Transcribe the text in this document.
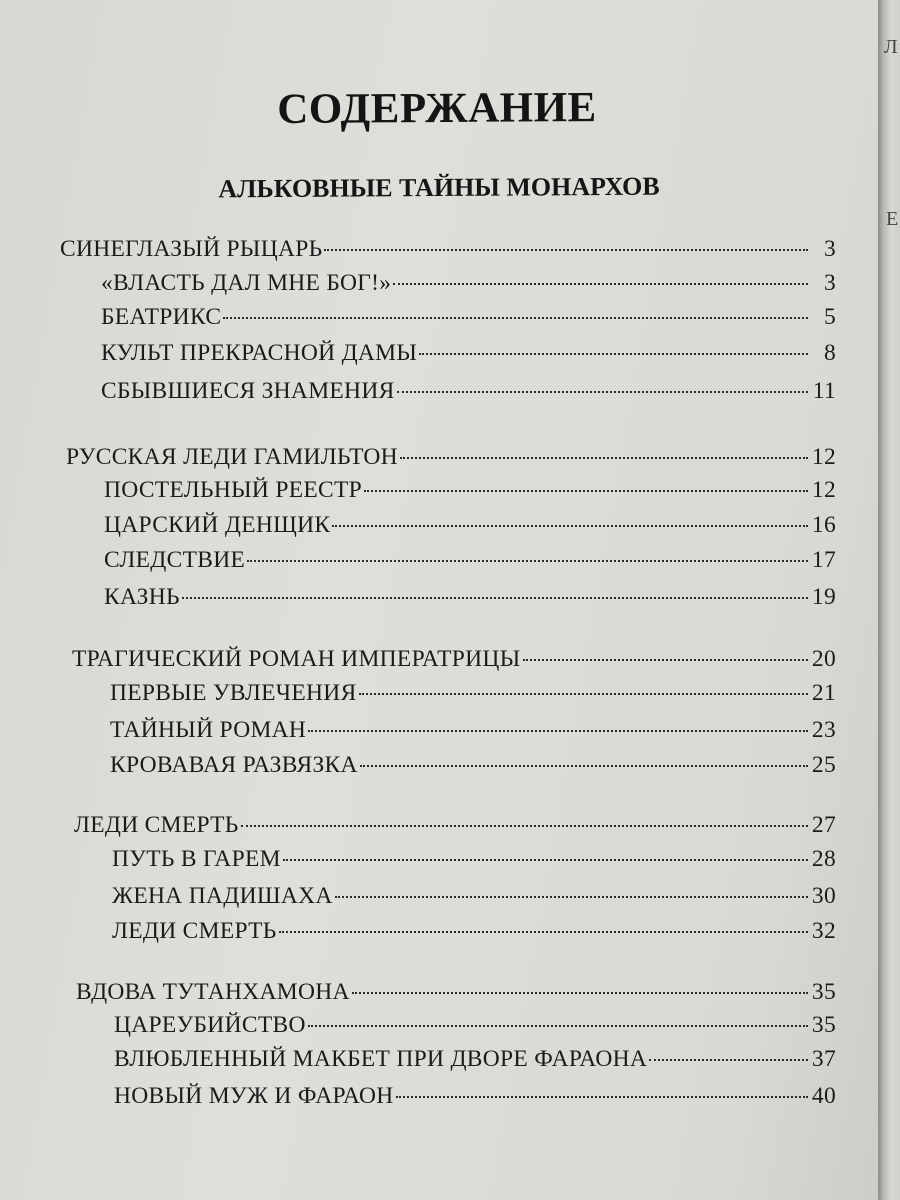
СОДЕРЖАНИЕ
АЛЬКОВНЫЕ ТАЙНЫ МОНАРХОВ
СИНЕГЛАЗЫЙ РЫЦАРЬ	3
«ВЛАСТЬ ДАЛ МНЕ БОГ!»	3
БЕАТРИКС	5
КУЛЬТ ПРЕКРАСНОЙ ДАМЫ	8
СБЫВШИЕСЯ ЗНАМЕНИЯ	11
РУССКАЯ ЛЕДИ ГАМИЛЬТОН	12
ПОСТЕЛЬНЫЙ РЕЕСТР	12
ЦАРСКИЙ ДЕНЩИК	16
СЛЕДСТВИЕ	17
КАЗНЬ	19
ТРАГИЧЕСКИЙ РОМАН ИМПЕРАТРИЦЫ	20
ПЕРВЫЕ УВЛЕЧЕНИЯ	21
ТАЙНЫЙ РОМАН	23
КРОВАВАЯ РАЗВЯЗКА	25
ЛЕДИ СМЕРТЬ	27
ПУТЬ В ГАРЕМ	28
ЖЕНА ПАДИШАХА	30
ЛЕДИ СМЕРТЬ	32
ВДОВА ТУТАНХАМОНА	35
ЦАРЕУБИЙСТВО	35
ВЛЮБЛЕННЫЙ МАКБЕТ ПРИ ДВОРЕ ФАРАОНА	37
НОВЫЙ МУЖ И ФАРАОН	40
Л
Е
